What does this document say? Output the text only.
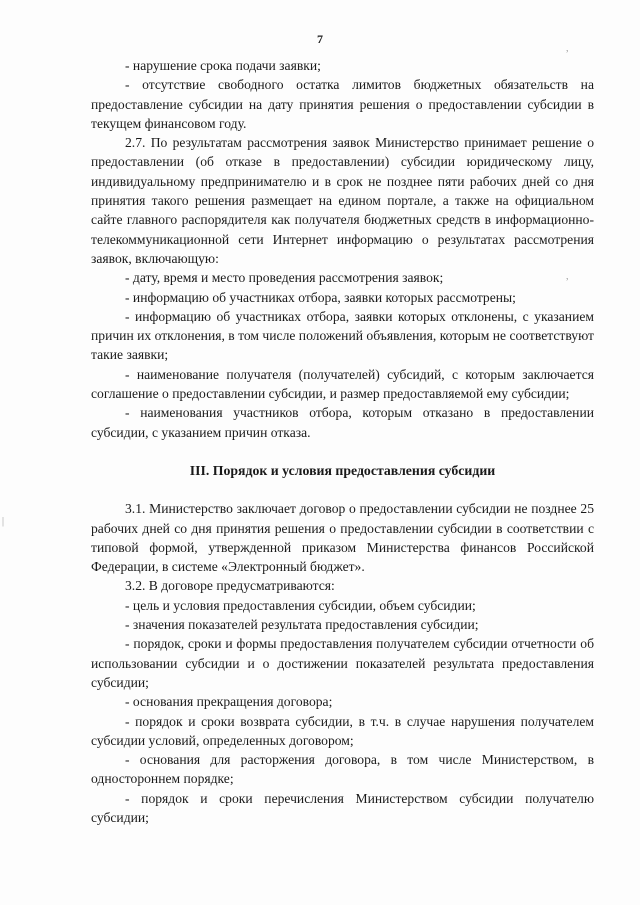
7

- нарушение срока подачи заявки;

- отсутствие свободного остатка лимитов бюджетных обязательств на предоставление субсидии на дату принятия решения о предоставлении субсидии в текущем финансовом году.

2.7. По результатам рассмотрения заявок Министерство принимает решение о предоставлении (об отказе в предоставлении) субсидии юридическому лицу, индивидуальному предпринимателю и в срок не позднее пяти рабочих дней со дня принятия такого решения размещает на едином портале, а также на официальном сайте главного распорядителя как получателя бюджетных средств в информационно-телекоммуникационной сети Интернет информацию о результатах рассмотрения заявок, включающую:

- дату, время и место проведения рассмотрения заявок;

- информацию об участниках отбора, заявки которых рассмотрены;

- информацию об участниках отбора, заявки которых отклонены, с указанием причин их отклонения, в том числе положений объявления, которым не соответствуют такие заявки;

- наименование получателя (получателей) субсидий, с которым заключается соглашение о предоставлении субсидии, и размер предоставляемой ему субсидии;

- наименования участников отбора, которым отказано в предоставлении субсидии, с указанием причин отказа.

III. Порядок и условия предоставления субсидии

3.1. Министерство заключает договор о предоставлении субсидии не позднее 25 рабочих дней со дня принятия решения о предоставлении субсидии в соответствии с типовой формой, утвержденной приказом Министерства финансов Российской Федерации, в системе «Электронный бюджет».

3.2. В договоре предусматриваются:

- цель и условия предоставления субсидии, объем субсидии;

- значения показателей результата предоставления субсидии;

- порядок, сроки и формы предоставления получателем субсидии отчетности об использовании субсидии и о достижении показателей результата предоставления субсидии;

- основания прекращения договора;

- порядок и сроки возврата субсидии, в т.ч. в случае нарушения получателем субсидии условий, определенных договором;

- основания для расторжения договора, в том числе Министерством, в одностороннем порядке;

- порядок и сроки перечисления Министерством субсидии получателю субсидии;

,
,
|
